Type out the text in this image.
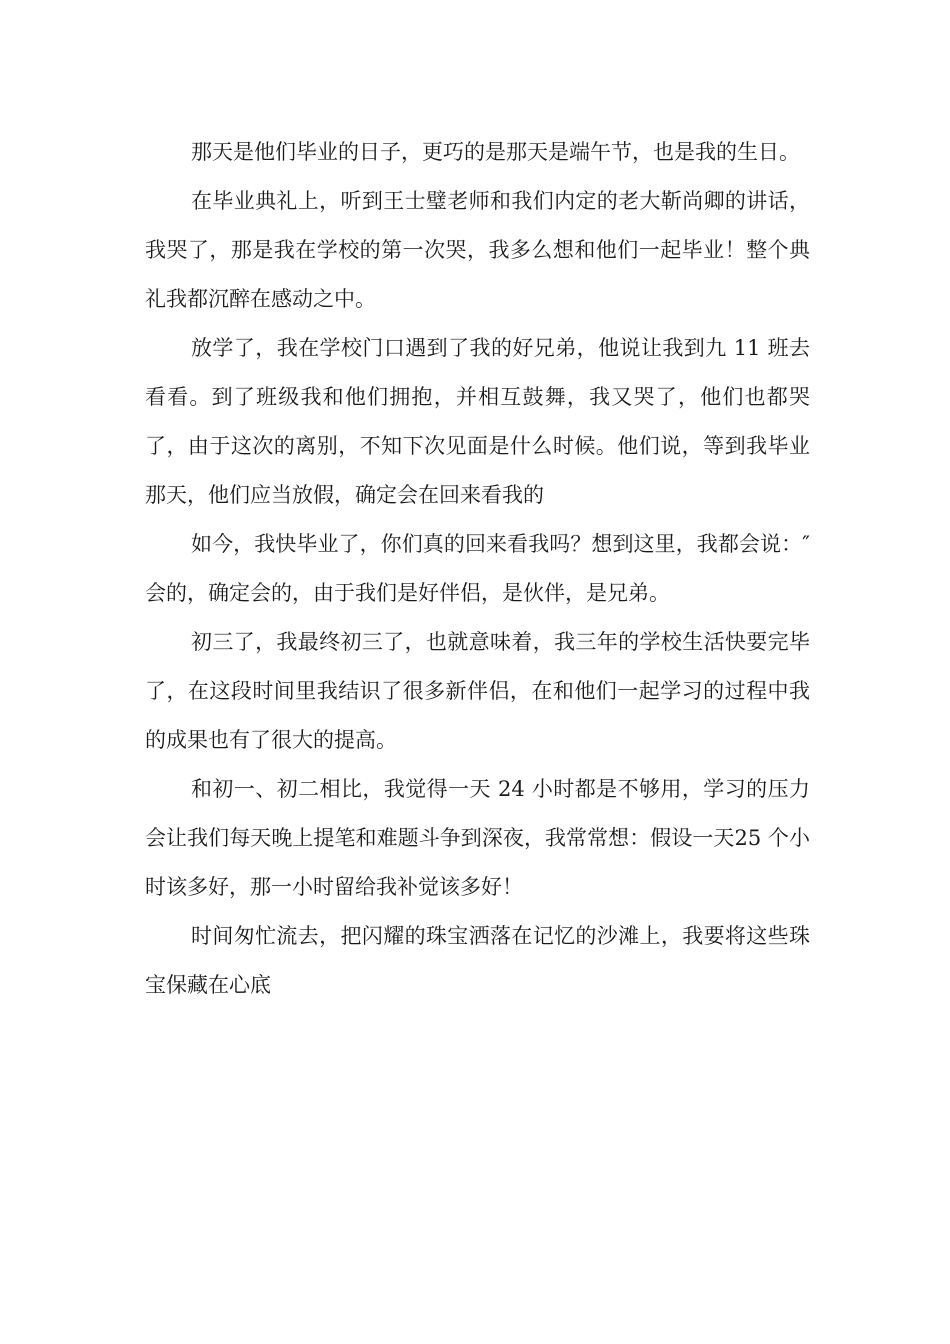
那天是他们毕业的日子，更巧的是那天是端午节，也是我的生日。

在毕业典礼上，听到王士璧老师和我们内定的老大靳尚卿的讲话，我哭了，那是我在学校的第一次哭，我多么想和他们一起毕业！整个典礼我都沉醉在感动之中。

放学了，我在学校门口遇到了我的好兄弟，他说让我到九 11 班去看看。到了班级我和他们拥抱，并相互鼓舞，我又哭了，他们也都哭了，由于这次的离别，不知下次见面是什么时候。他们说，等到我毕业那天，他们应当放假，确定会在回来看我的

如今，我快毕业了，你们真的回来看我吗？想到这里，我都会说：″会的，确定会的，由于我们是好伴侣，是伙伴，是兄弟。

初三了，我最终初三了，也就意味着，我三年的学校生活快要完毕了，在这段时间里我结识了很多新伴侣，在和他们一起学习的过程中我的成果也有了很大的提高。

和初一、初二相比，我觉得一天 24 小时都是不够用，学习的压力会让我们每天晚上提笔和难题斗争到深夜，我常常想：假设一天25 个小时该多好，那一小时留给我补觉该多好！

时间匆忙流去，把闪耀的珠宝洒落在记忆的沙滩上，我要将这些珠宝保藏在心底
